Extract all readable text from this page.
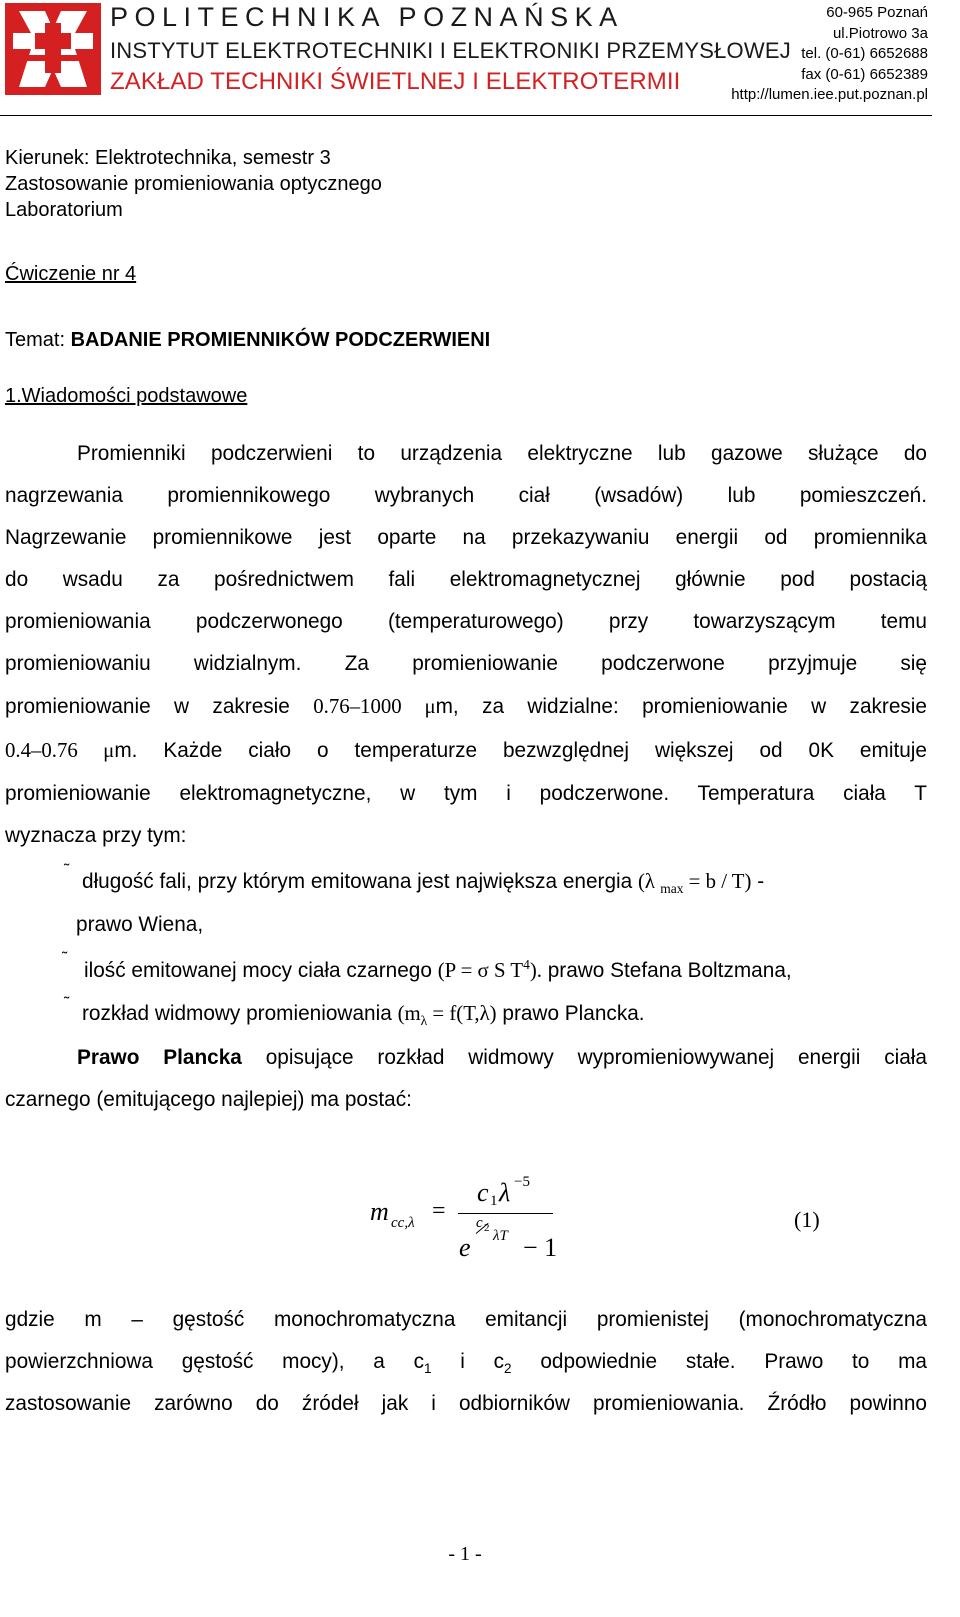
POLITECHNIKA POZNAŃSKA
INSTYTUT ELEKTROTECHNIKI I ELEKTRONIKI PRZEMYSŁOWEJ
ZAKŁAD TECHNIKI ŚWIETLNEJ I ELEKTROTERMII
60-965 Poznań
ul.Piotrowo 3a
tel. (0-61) 6652688
fax (0-61) 6652389
http://lumen.iee.put.poznan.pl
Kierunek: Elektrotechnika, semestr 3
Zastosowanie promieniowania optycznego
Laboratorium
Ćwiczenie nr 4
Temat: BADANIE PROMIENNIKÓW PODCZERWIENI
1.Wiadomości podstawowe
Promienniki podczerwieni to urządzenia elektryczne lub gazowe służące do
nagrzewania promiennikowego wybranych ciał (wsadów) lub pomieszczeń.
Nagrzewanie promiennikowe jest oparte na przekazywaniu energii od promiennika
do wsadu za pośrednictwem fali elektromagnetycznej głównie pod postacią
promieniowania podczerwonego (temperaturowego) przy towarzyszącym temu
promieniowaniu widzialnym. Za promieniowanie podczerwone przyjmuje się
promieniowanie w zakresie 0.76–1000 μm, za widzialne: promieniowanie w zakresie
0.4–0.76 μm. Każde ciało o temperaturze bezwzględnej większej od 0K emituje
promieniowanie elektromagnetyczne, w tym i podczerwone. Temperatura ciała T
wyznacza przy tym:
˜ długość fali, przy którym emitowana jest największa energia (λ $_{max}$ = b / T) -
prawo Wiena,
˜
ilość emitowanej mocy ciała czarnego (P = σ S $T^4$). prawo Stefana Boltzmana,
˜ rozkład widmowy promieniowania ($m_\lambda = f(T,\lambda)$ prawo Plancka.
Prawo Plancka opisujące rozkład widmowy wypromieniowywanej energii ciała
czarnego (emitującego najlepiej) ma postać:
m cc,λ =
c 1 λ −5
e
c 2 λT − 1
(1)
gdzie m – gęstość monochromatyczna emitancji promienistej (monochromatyczna
powierzchniowa gęstość mocy), a $c_1$ i $c_2$ odpowiednie stałe. Prawo to ma
zastosowanie zarówno do źródeł jak i odbiorników promieniowania. Źródło powinno
- 1 -
